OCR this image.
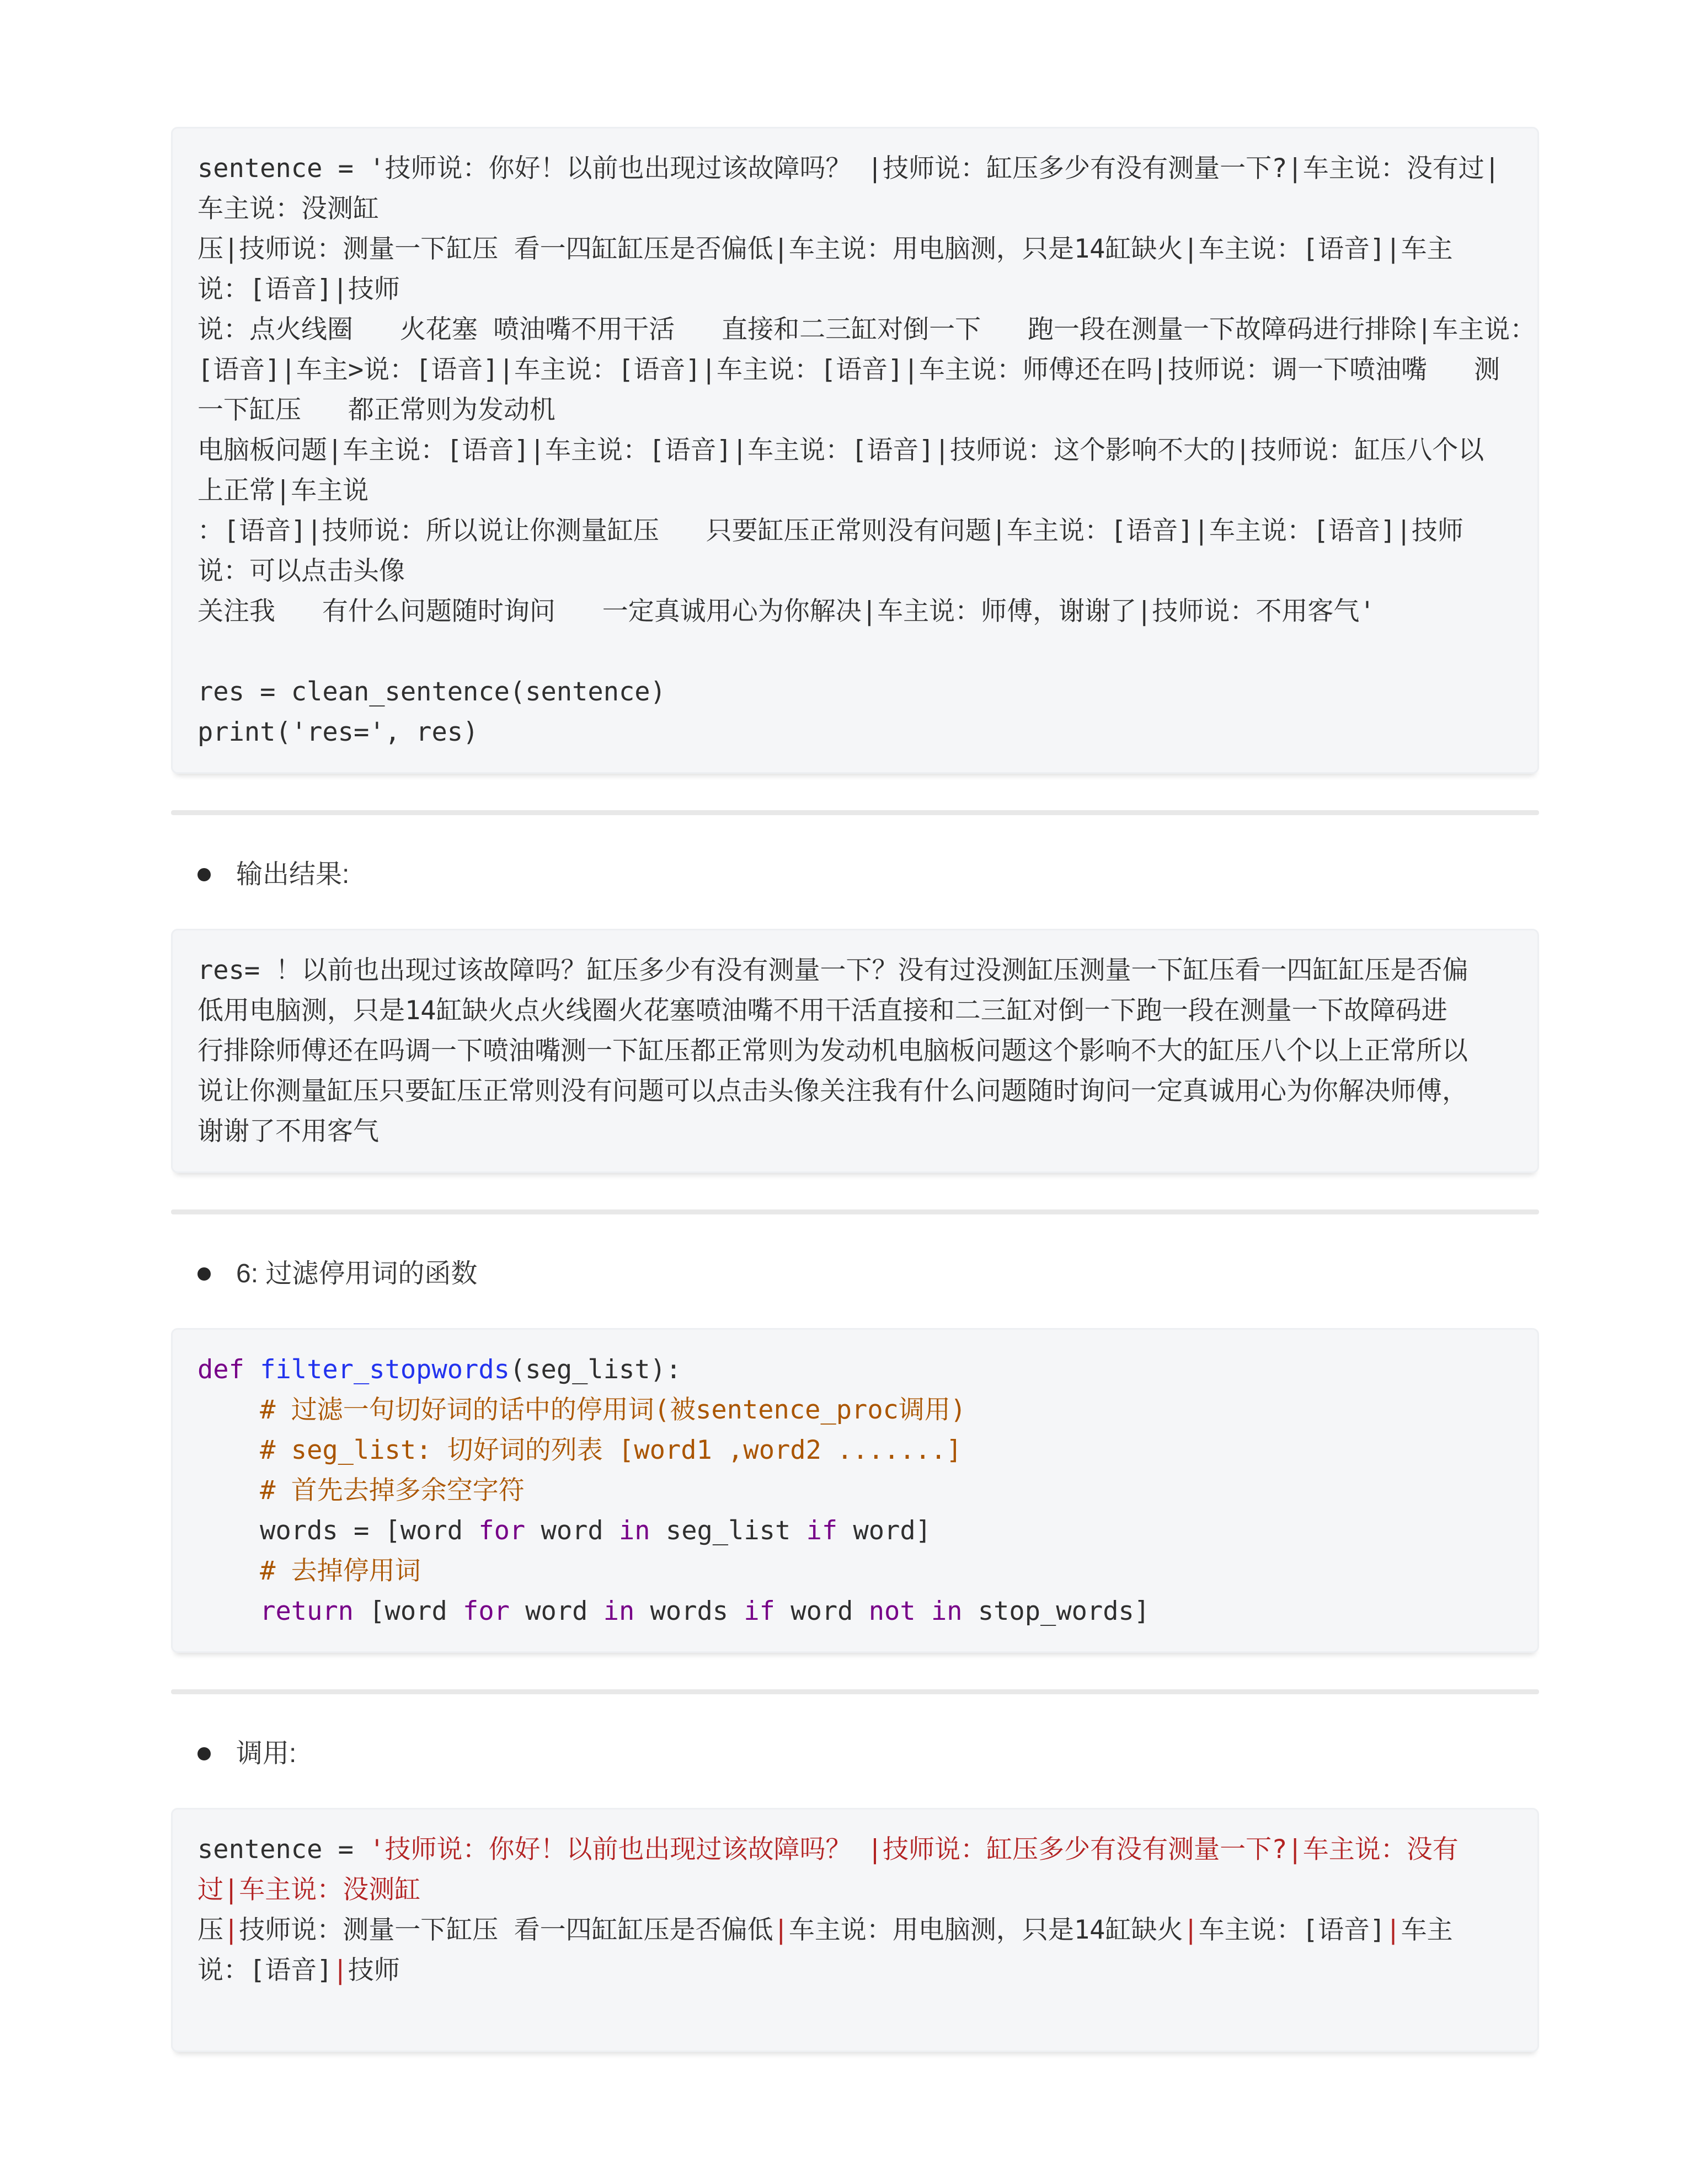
sentence = '技师说：你好！以前也出现过该故障吗？ |技师说：缸压多少有没有测量一下?|车主说：没有过|
车主说：没测缸
压|技师说：测量一下缸压 看一四缸缸压是否偏低|车主说：用电脑测，只是14缸缺火|车主说：[语音]|车主
说：[语音]|技师
说：点火线圈   火花塞 喷油嘴不用干活   直接和二三缸对倒一下   跑一段在测量一下故障码进行排除|车主说：
[语音]|车主>说：[语音]|车主说：[语音]|车主说：[语音]|车主说：师傅还在吗|技师说：调一下喷油嘴   测
一下缸压   都正常则为发动机
电脑板问题|车主说：[语音]|车主说：[语音]|车主说：[语音]|技师说：这个影响不大的|技师说：缸压八个以
上正常|车主说
：[语音]|技师说：所以说让你测量缸压   只要缸压正常则没有问题|车主说：[语音]|车主说：[语音]|技师
说：可以点击头像
关注我   有什么问题随时询问   一定真诚用心为你解决|车主说：师傅，谢谢了|技师说：不用客气'
res = clean_sentence(sentence)
print('res=', res)
输出结果:
res= ！以前也出现过该故障吗？缸压多少有没有测量一下？没有过没测缸压测量一下缸压看一四缸缸压是否偏
低用电脑测，只是14缸缺火点火线圈火花塞喷油嘴不用干活直接和二三缸对倒一下跑一段在测量一下故障码进
行排除师傅还在吗调一下喷油嘴测一下缸压都正常则为发动机电脑板问题这个影响不大的缸压八个以上正常所以
说让你测量缸压只要缸压正常则没有问题可以点击头像关注我有什么问题随时询问一定真诚用心为你解决师傅，
谢谢了不用客气
6: 过滤停用词的函数
def filter_stopwords(seg_list):
# 过滤一句切好词的话中的停用词(被sentence_proc调用)
# seg_list: 切好词的列表 [word1 ,word2 .......]
# 首先去掉多余空字符
words = [word for word in seg_list if word]
# 去掉停用词
return [word for word in words if word not in stop_words]
调用:
sentence = '技师说：你好！以前也出现过该故障吗？ |技师说：缸压多少有没有测量一下?|车主说：没有
过|车主说：没测缸
压|技师说：测量一下缸压 看一四缸缸压是否偏低|车主说：用电脑测，只是14缸缺火|车主说：[语音]|车主
说：[语音]|技师
